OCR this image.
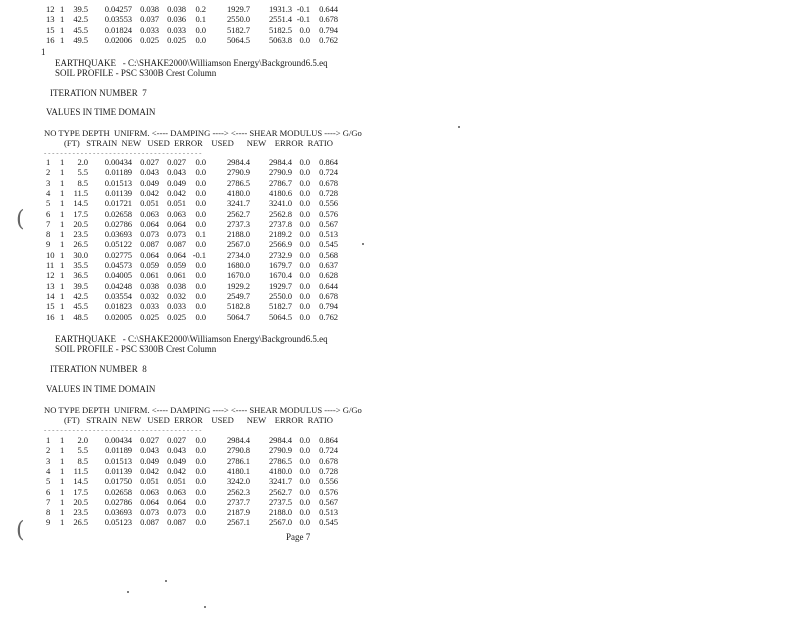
12 1 39.5 0.04257 0.038 0.038 0.2 1929.7 1931.3 -0.1 0.644
13 1 42.5 0.03553 0.037 0.036 0.1 2550.0 2551.4 -0.1 0.678
15 1 45.5 0.01824 0.033 0.033 0.0 5182.7 5182.5 0.0 0.794
16 1 49.5 0.02006 0.025 0.025 0.0 5064.5 5063.8 0.0 0.762
1
EARTHQUAKE   - C:\SHAKE2000\Williamson Energy\Background6.5.eq
SOIL PROFILE - PSC S300B Crest Column
ITERATION NUMBER  7
VALUES IN TIME DOMAIN
NO TYPE DEPTH  UNIFRM. <---- DAMPING ----> <---- SHEAR MODULUS ----> G/Go
(FT)   STRAIN  NEW   USED  ERROR    USED      NEW    ERROR  RATIO
- - - - - - - - - - - - - - - - - - - - - - - - - - - - - - - - - - - - - - -
1 1 2.0 0.00434 0.027 0.027 0.0 2984.4 2984.4 0.0 0.864
2 1 5.5 0.01189 0.043 0.043 0.0 2790.9 2790.9 0.0 0.724
3 1 8.5 0.01513 0.049 0.049 0.0 2786.5 2786.7 0.0 0.678
4 1 11.5 0.01139 0.042 0.042 0.0 4180.0 4180.6 0.0 0.728
5 1 14.5 0.01721 0.051 0.051 0.0 3241.7 3241.0 0.0 0.556
6 1 17.5 0.02658 0.063 0.063 0.0 2562.7 2562.8 0.0 0.576
7 1 20.5 0.02786 0.064 0.064 0.0 2737.3 2737.8 0.0 0.567
8 1 23.5 0.03693 0.073 0.073 0.1 2188.0 2189.2 0.0 0.513
9 1 26.5 0.05122 0.087 0.087 0.0 2567.0 2566.9 0.0 0.545
10 1 30.0 0.02775 0.064 0.064 -0.1 2734.0 2732.9 0.0 0.568
11 1 35.5 0.04573 0.059 0.059 0.0 1680.0 1679.7 0.0 0.637
12 1 36.5 0.04005 0.061 0.061 0.0 1670.0 1670.4 0.0 0.628
13 1 39.5 0.04248 0.038 0.038 0.0 1929.2 1929.7 0.0 0.644
14 1 42.5 0.03554 0.032 0.032 0.0 2549.7 2550.0 0.0 0.678
15 1 45.5 0.01823 0.033 0.033 0.0 5182.8 5182.7 0.0 0.794
16 1 48.5 0.02005 0.025 0.025 0.0 5064.7 5064.5 0.0 0.762
EARTHQUAKE   - C:\SHAKE2000\Williamson Energy\Background6.5.eq
SOIL PROFILE - PSC S300B Crest Column
ITERATION NUMBER  8
VALUES IN TIME DOMAIN
NO TYPE DEPTH  UNIFRM. <---- DAMPING ----> <---- SHEAR MODULUS ----> G/Go
(FT)   STRAIN  NEW   USED  ERROR    USED      NEW    ERROR  RATIO
- - - - - - - - - - - - - - - - - - - - - - - - - - - - - - - - - - - - - - -
1 1 2.0 0.00434 0.027 0.027 0.0 2984.4 2984.4 0.0 0.864
2 1 5.5 0.01189 0.043 0.043 0.0 2790.8 2790.9 0.0 0.724
3 1 8.5 0.01513 0.049 0.049 0.0 2786.1 2786.5 0.0 0.678
4 1 11.5 0.01139 0.042 0.042 0.0 4180.1 4180.0 0.0 0.728
5 1 14.5 0.01750 0.051 0.051 0.0 3242.0 3241.7 0.0 0.556
6 1 17.5 0.02658 0.063 0.063 0.0 2562.3 2562.7 0.0 0.576
7 1 20.5 0.02786 0.064 0.064 0.0 2737.7 2737.5 0.0 0.567
8 1 23.5 0.03693 0.073 0.073 0.0 2187.9 2188.0 0.0 0.513
9 1 26.5 0.05123 0.087 0.087 0.0 2567.1 2567.0 0.0 0.545
Page 7
(
(
